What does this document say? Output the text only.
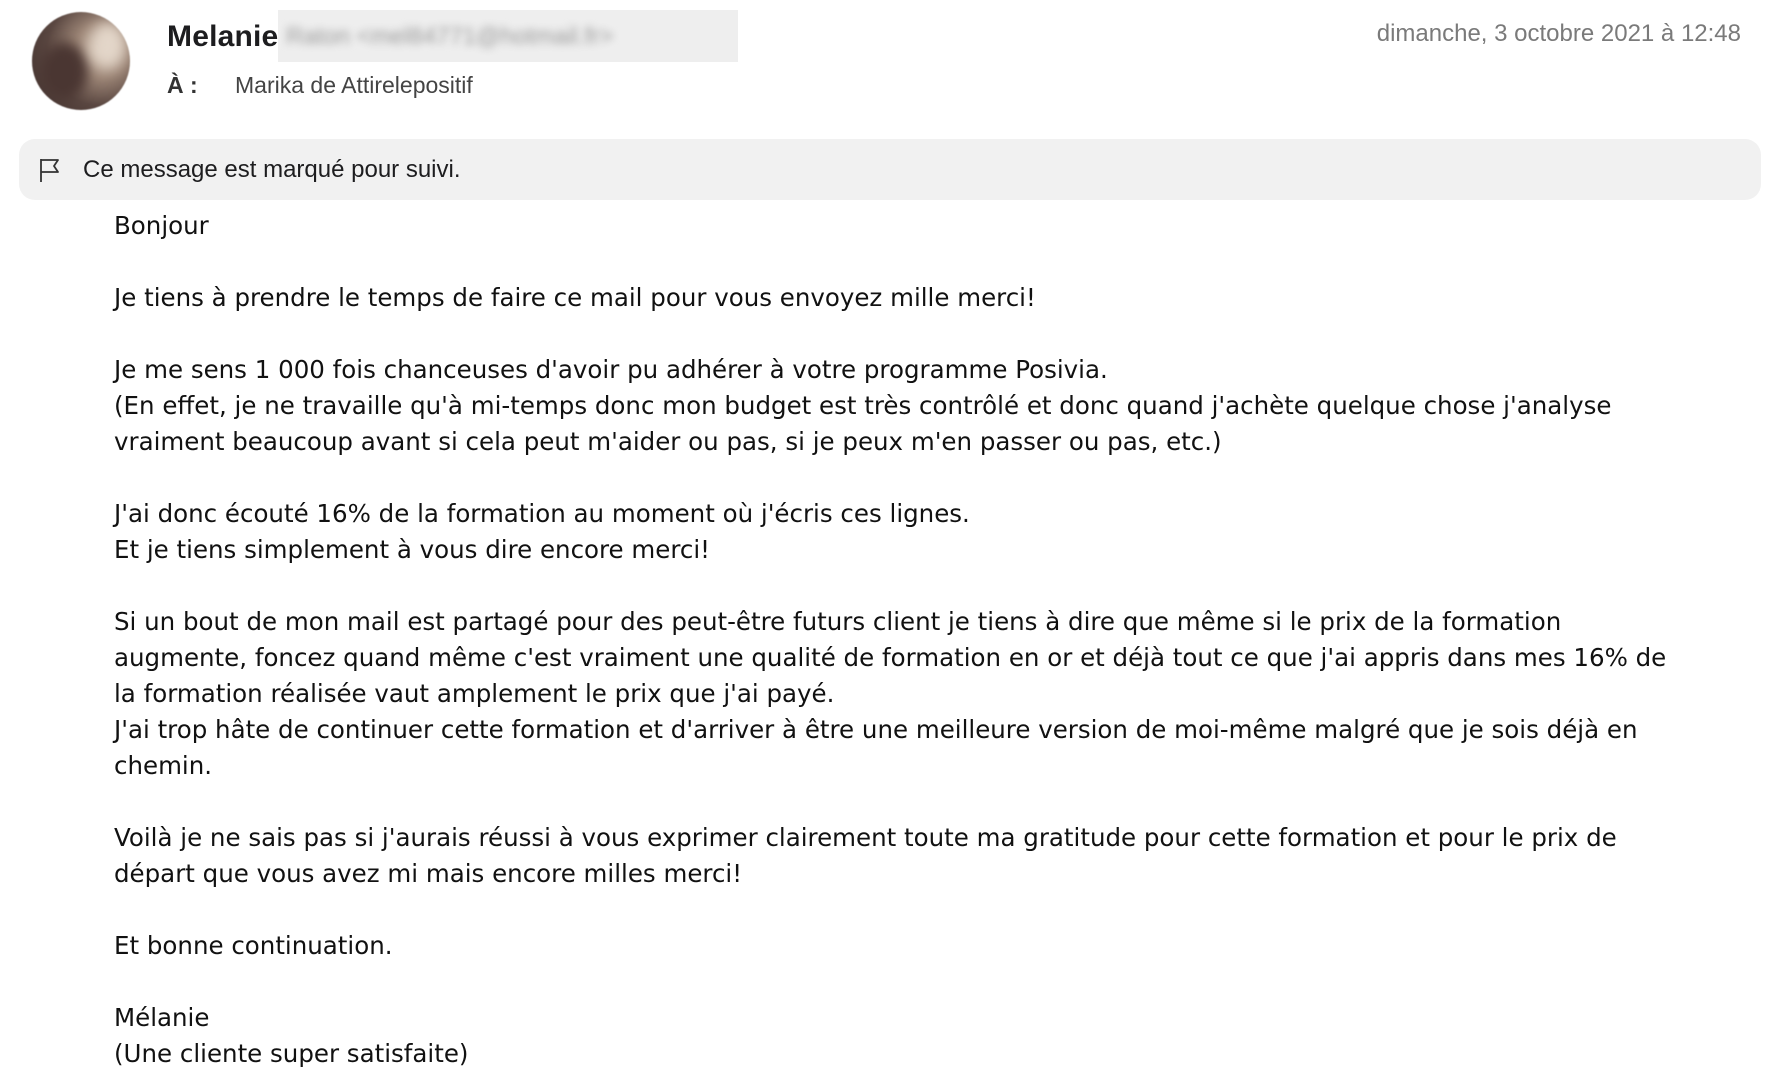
Melanie Raton <mel84771@hotmail.fr>
À : Marika de Attirelepositif
dimanche, 3 octobre 2021 à 12:48
Ce message est marqué pour suivi.

Bonjour

Je tiens à prendre le temps de faire ce mail pour vous envoyez mille merci!

Je me sens 1 000 fois chanceuses d'avoir pu adhérer à votre programme Posivia.

(En effet, je ne travaille qu'à mi-temps donc mon budget est très contrôlé et donc quand j'achète quelque chose j'analyse

vraiment beaucoup avant si cela peut m'aider ou pas, si je peux m'en passer ou pas, etc.)

J'ai donc écouté 16% de la formation au moment où j'écris ces lignes.

Et je tiens simplement à vous dire encore merci!

Si un bout de mon mail est partagé pour des peut-être futurs client je tiens à dire que même si le prix de la formation

augmente, foncez quand même c'est vraiment une qualité de formation en or et déjà tout ce que j'ai appris dans mes 16% de

la formation réalisée vaut amplement le prix que j'ai payé.

J'ai trop hâte de continuer cette formation et d'arriver à être une meilleure version de moi-même malgré que je sois déjà en

chemin.

Voilà je ne sais pas si j'aurais réussi à vous exprimer clairement toute ma gratitude pour cette formation et pour le prix de

départ que vous avez mi mais encore milles merci!

Et bonne continuation.

Mélanie

(Une cliente super satisfaite)
